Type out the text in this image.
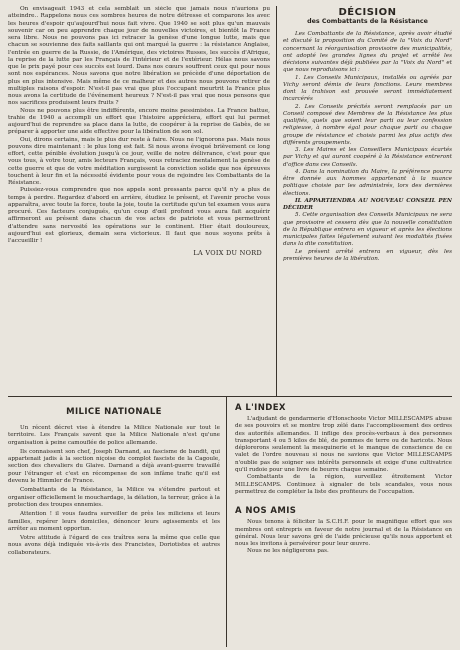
On envisageait 1943 et cela semblait un siècle que jamais nous n'aurions pu atteindre.. Rappelons nous ces sombres heures de notre détresse et comparons les avec les heures d'espoir qu'aujourd'hui nous fait vivre. Que 1940 se soit plus qu'un mauvais souvenir car on peu apprendre chaque jour de nouvelles victoires, et bientôt la France sera libre. Nous ne pouvons pas ici retracer la genèse d'une longue lutte, mais que chacun se souvienne des faits saillants qui ont marqué la guerre : la résistance Anglaise, l'entrée en guerre de la Russie, de l'Amérique, des victoires Russes, les succès d'Afrique, la reprise de la lutte par les Français de l'intérieur et de l'extérieur. Hélas nous savons que le prix payé pour ces succès est lourd. Dans nos cœurs souffrent ceux qui pour nous sont nos espérances. Nous savons que notre libération se précède d'une déportation de plus en plus intensive. Mais même de ce malheur et des autres nous pouvons retirer de multiples raisons d'espoir. N'est-il pas vrai que plus l'occupant meurtrit la France plus nous avons la certitude de l'événement heureux ? N'est-il pas vrai que nous pensons que nos sacrifices produisent leurs fruits ?

Nous ne pouvons plus être indifférents, encore moins pessimistes. La France battue, trahie de 1940 a accompli un effort que l'histoire appréciera, effort qui lui permet aujourd'hui de reprendre sa place dans la lutte, de coopérer à la reprise de Gabès, de se préparer à apporter une aide effective pour la libération de son sol.

Oui, dirons certains, mais le plus dur reste à faire. Nous ne l'ignorons pas. Mais nous pouvons dire maintenant : le plus long est fait. Si nous avons évoqué brièvement ce long effort, cette pénible évolution jusqu'à ce jour, veille de notre délivrance, c'est pour que vous tous, à votre tour, amis lecteurs Français, vous retraciez mentalement la genèse de cette guerre et que de votre méditation surgissent la conviction solide que nos épreuves touchent à leur fin et la nécessité évidente pour vous de rejoindre les Combattants de la Résistance.

Puissiez-vous comprendre que nos appels sont pressants parce qu'il n'y a plus de temps à perdre. Regardez d'abord en arrière, étudiez le présent, et l'avenir proche vous apparaîtra, avec toute la force, toute la joie, toute la certitude qu'un tel examen vous aura procuré. Ces facteurs conjugués, qu'un coup d'œil profond vous aura fait acquérir affirmeront au présent dans chacun de vos actes de patriote et vous permettront d'attendre sans nervosité les opérations sur le continent. Hier était douloureux, aujourd'hui est glorieux, demain sera victorieux. Il faut que nous soyons prêts à l'accueillir !

LA VOIX DU NORD
DÉCISION
des Combattants de la Résistance

Les Combattants de la Résistance, après avoir étudié et discuté la proposition du Comité de la "Voix du Nord" concernant la réorganisation provisoire des municipalités, ont adopté les grandes lignes du projet et arrêté les décisions suivantes déjà publiées par la "Voix du Nord" et que nous reproduisons ici :

1. Les Conseils Municipaux, installés ou agréés par Vichy seront démis de leurs fonctions. Leurs membres dont la trahison est prouvée seront immédiatement incarcérés

2. Les Conseils précités seront remplacés par un Conseil composé des Membres de la Résistance les plus qualifiés, quels que soient leur parti ou leur confession religieuse, à nombre égal pour chaque parti ou chaque groupe de résistance et choisis parmi les plus actifs des différents groupements.

3. Les Maires et les Conseillers Municipaux écartés par Vichy et qui auront coopéré à la Résistance entreront d'office dans ces Conseils.

4. Dans la nomination du Maire, la préférence pourra être donnée aux hommes appartenant à la nuance politique choisie par les administrés, lors des dernières élections.

IL APPARTIENDRA AU NOUVEAU CONSEIL PEN DÉCIDER

5. Cette organisation des Conseils Municipaux ne sera que provisoire et cessera dès que la nouvelle constitution de la République entrera en vigueur et après les élections municipales faites légalement suivant les modalités fixées dans la dite constitution.

Le présent arrêté entrera en vigueur, dès les premières heures de la libération.

MILICE NATIONALE

Un récent décret vise à étendre la Milice Nationale sur tout le territoire. Les Français savent que la Milice Nationale n'est qu'une organisation à peine camouflée de police allemande.

Ils connaissent son chef, Joseph Darnand, au fascisme de bandit, qui appartenait jadis à la section niçoise du complot fasciste de la Cagoule, section des chevaliers du Glaive. Darnand a déjà avant-guerre travaillé pour l'étranger et c'est en récompense de son infâme trafic qu'il est devenu le Himmler de France.

Combattants de la Résistance, la Milice va s'étendre partout et organiser officiellement le mouchardage, la délation, la terreur, grâce à la protection des troupes ennemies.

Attention ! il vous faudra surveiller de près les miliciens et leurs familles, repérer leurs domiciles, dénoncer leurs agissements et les arrêter au moment opportun.

Votre attitude à l'égard de ces traîtres sera la même que celle que nous avons déjà indiquée vis-à-vis des Francistes, Doriotistes et autres collaborateurs.

A L'INDEX

L'adjudant de gendarmerie d'Honschoote Victor MILLESCAMPS abuse de ses pouvoirs et se montre trop zélé dans l'accomplissement des ordres des autorités allemandes. Il inflige des procès-verbaux à des personnes transportant 4 ou 5 kilos de blé, de pommes de terre ou de haricots. Nous déplorerons seulement la mesquinerie et le manque de conscience de ce valet de l'ordre nouveau si nous ne savions que Victor MILLESCAMPS n'oublie pas de soigner ses intérêts personnels et exige d'une cultivatrice qu'il rudoie pour une livre de beurre chaque semaine.

Combattants de la région, surveillez étroitement Victor MILLESCAMPS. Continuez à signaler de tels scandales, vous nous permettrez de compléter la liste des profiteurs de l'occupation.

A NOS AMIS

Nous tenons à féliciter la S.C.H.F. pour le magnifique effort que ses membres ont entrepris en faveur de notre journal et de la Résistance en général. Nous leur savons gré de l'aide précieuse qu'ils nous apportent et nous les invitons à persévérer pour leur œuvre.

Nous ne les négligerons pas.
